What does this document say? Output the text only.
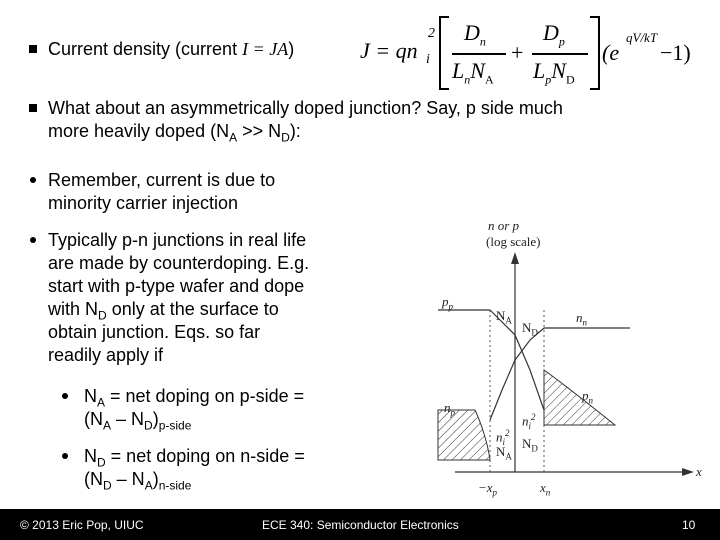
Current density (current I = JA)	J = qn
2
i
$D_n$
$L_nN_A$
+
$D_p$
$L_pN_D$
(e
qV/kT
−1)
What about an asymmetrically doped junction? Say, p side much
more heavily doped $(N_A >> N_D)$:
Remember, current is due to
minority carrier injection
Typically p-n junctions in real life
are made by counterdoping. E.g.
start with p-type wafer and dope
with $N_D$ only at the surface to
obtain junction. Eqs. so far
readily apply if
$N_A$ = net doping on p-side =
$(N_A - N_D)_{p-side}$
$N_D$ = net doping on n-side =
$(N_D - N_A)_{n-side}$
n or p
(log scale)
$p_p$
$n_n$
$N_A$ $N_D$
$n_p$
$p_n$
$n_i^2$
$n_i^2$
$N_D$
$N_A$
x
$-x_p$	$x_n$
© 2013 Eric Pop, UIUC	ECE 340: Semiconductor Electronics	10
